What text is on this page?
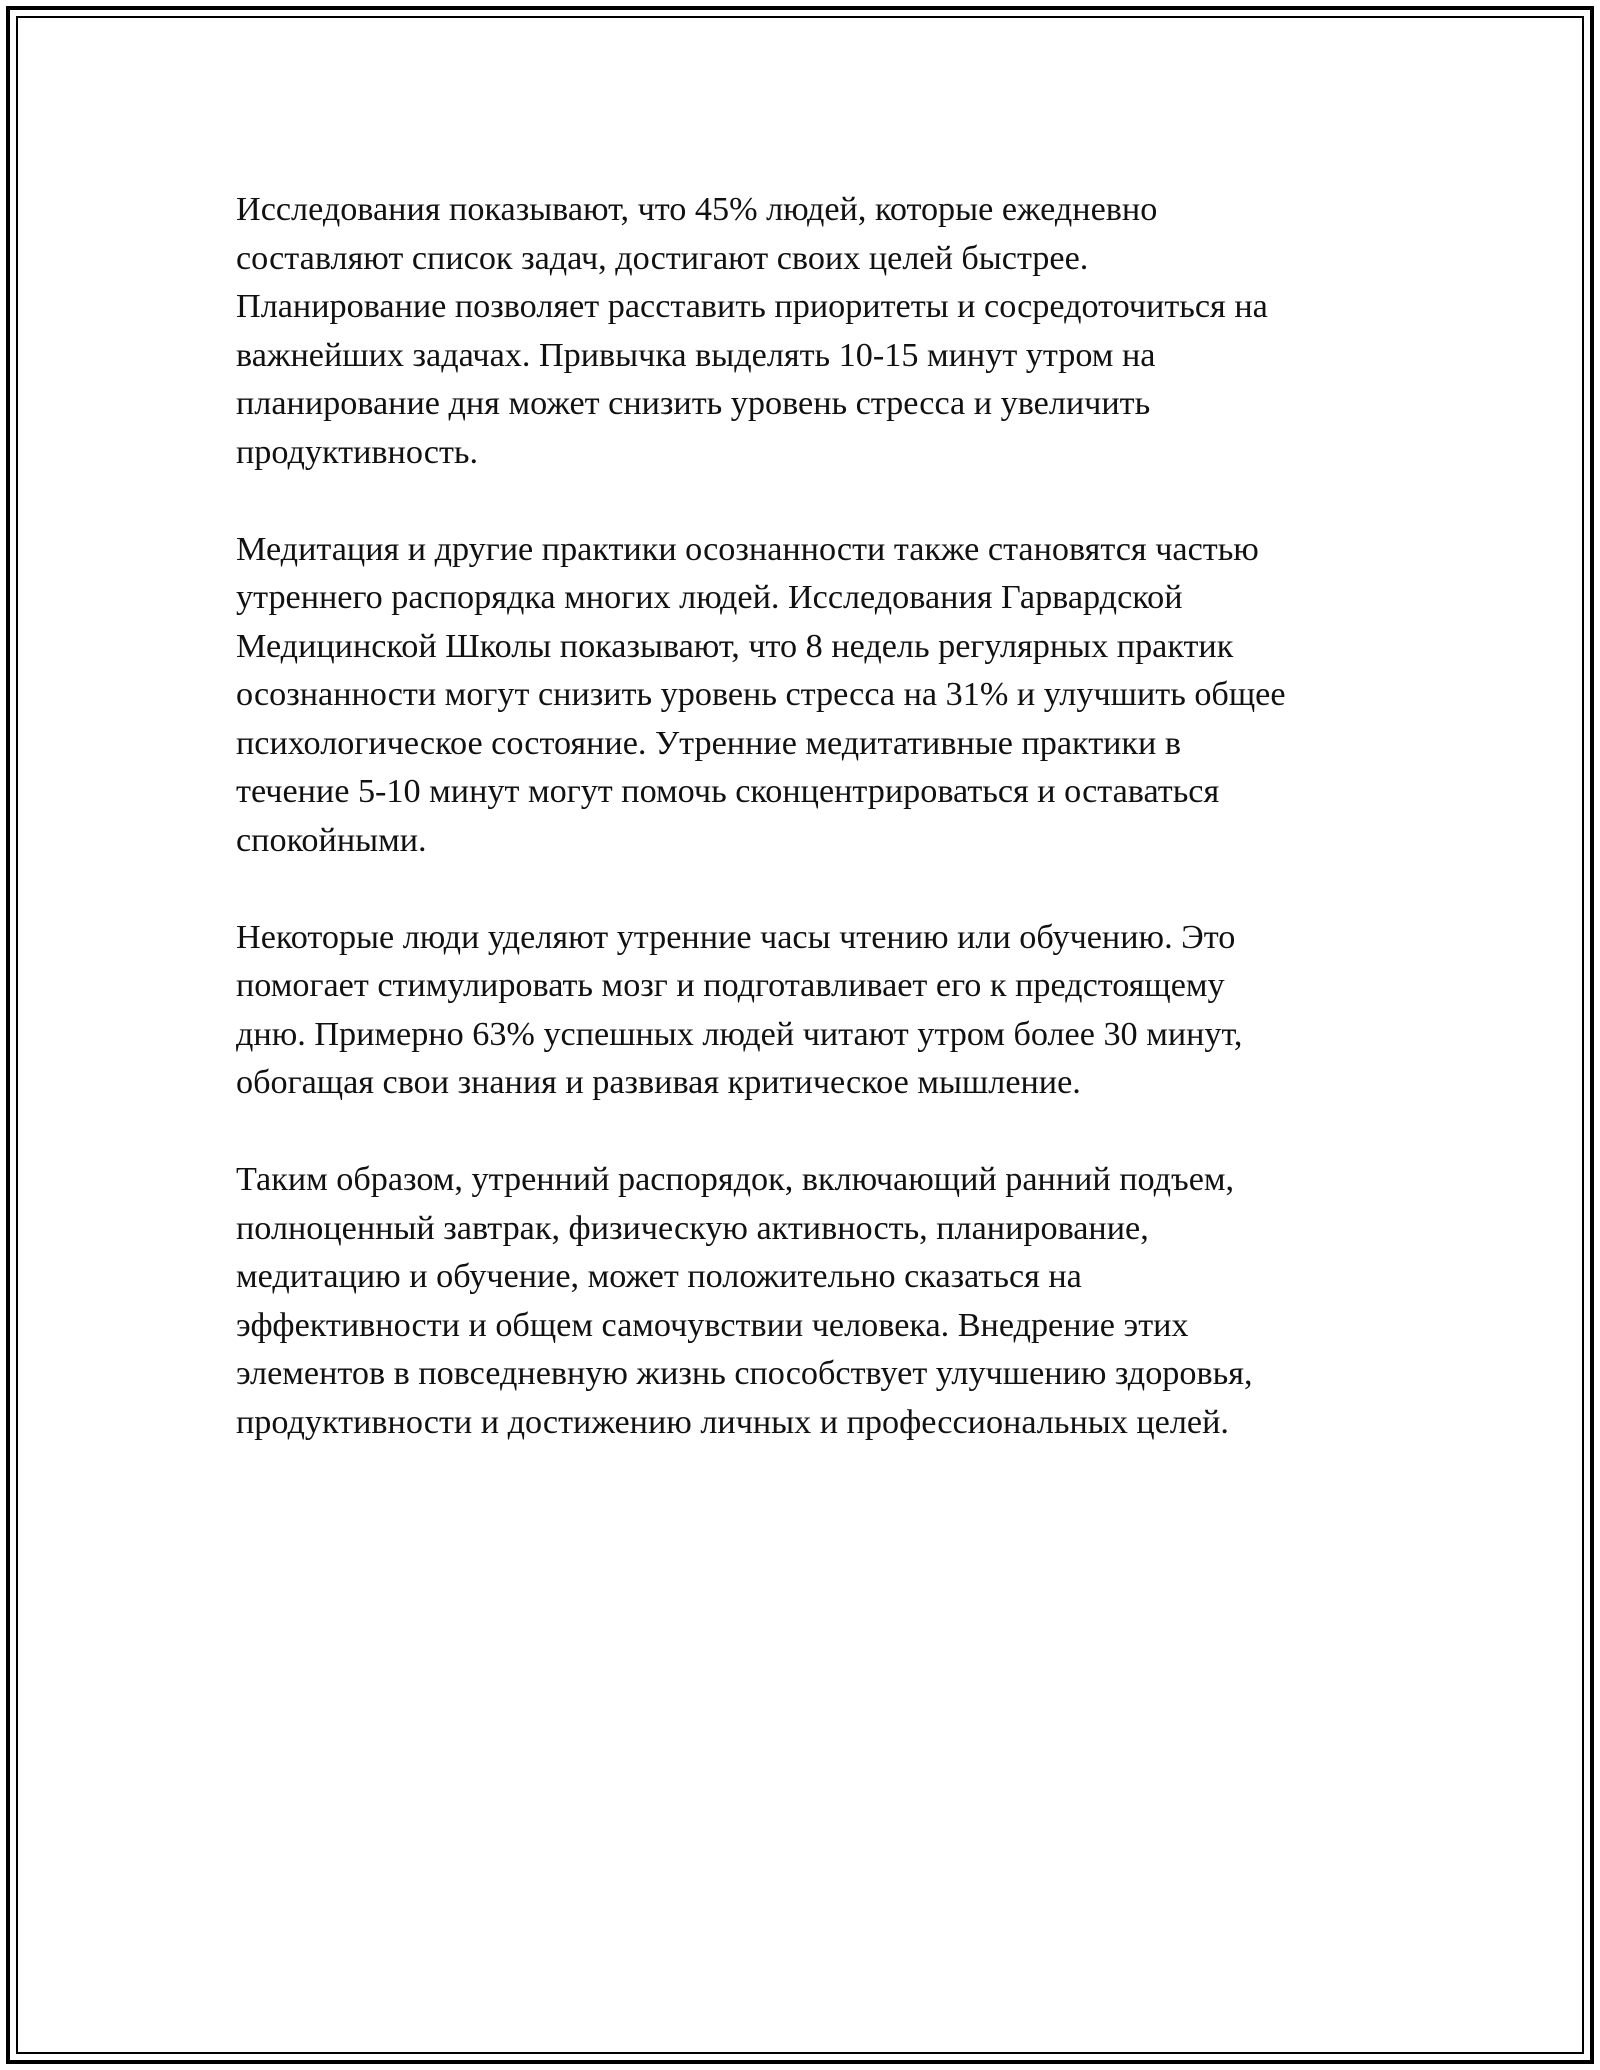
Исследования показывают, что 45% людей, которые ежедневно
составляют список задач, достигают своих целей быстрее.
Планирование позволяет расставить приоритеты и сосредоточиться на
важнейших задачах. Привычка выделять 10-15 минут утром на
планирование дня может снизить уровень стресса и увеличить
продуктивность.

Медитация и другие практики осознанности также становятся частью
утреннего распорядка многих людей. Исследования Гарвардской
Медицинской Школы показывают, что 8 недель регулярных практик
осознанности могут снизить уровень стресса на 31% и улучшить общее
психологическое состояние. Утренние медитативные практики в
течение 5-10 минут могут помочь сконцентрироваться и оставаться
спокойными.

Некоторые люди уделяют утренние часы чтению или обучению. Это
помогает стимулировать мозг и подготавливает его к предстоящему
дню. Примерно 63% успешных людей читают утром более 30 минут,
обогащая свои знания и развивая критическое мышление.

Таким образом, утренний распорядок, включающий ранний подъем,
полноценный завтрак, физическую активность, планирование,
медитацию и обучение, может положительно сказаться на
эффективности и общем самочувствии человека. Внедрение этих
элементов в повседневную жизнь способствует улучшению здоровья,
продуктивности и достижению личных и профессиональных целей.
